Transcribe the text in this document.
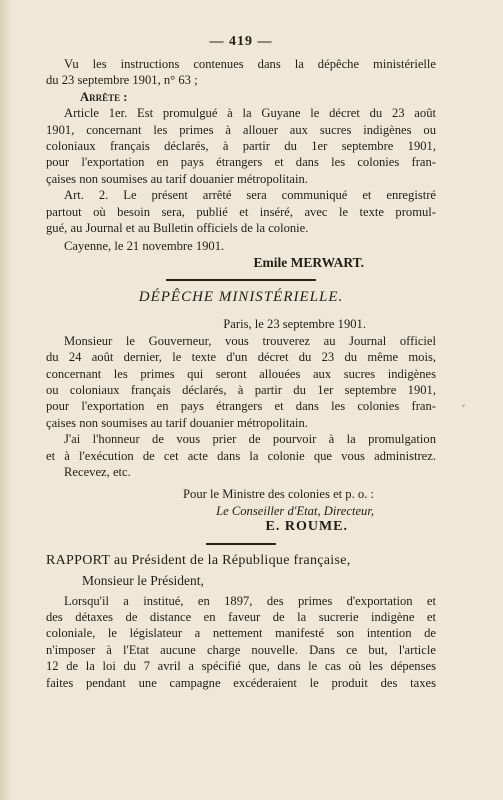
⸗
— 419 —
Vu les instructions contenues dans la dépêche ministérielle
du 23 septembre 1901, n° 63 ;
Arrête :
Article 1er. Est promulgué à la Guyane le décret du 23 août
1901, concernant les primes à allouer aux sucres indigènes ou
coloniaux français déclarés, à partir du 1er septembre 1901,
pour l'exportation en pays étrangers et dans les colonies fran-
çaises non soumises au tarif douanier métropolitain.
Art. 2. Le présent arrêté sera communiqué et enregistré
partout où besoin sera, publié et inséré, avec le texte promul-
gué, au Journal et au Bulletin officiels de la colonie.
Cayenne, le 21 novembre 1901.
Emile MERWART.
DÉPÊCHE MINISTÉRIELLE.
Paris, le 23 septembre 1901.
Monsieur le Gouverneur, vous trouverez au Journal officiel
du 24 août dernier, le texte d'un décret du 23 du même mois,
concernant les primes qui seront allouées aux sucres indigènes
ou coloniaux français déclarés, à partir du 1er septembre 1901,
pour l'exportation en pays étrangers et dans les colonies fran-
çaises non soumises au tarif douanier métropolitain.
J'ai l'honneur de vous prier de pourvoir à la promulgation
et à l'exécution de cet acte dans la colonie que vous administrez.
Recevez, etc.
Pour le Ministre des colonies et p. o. :
Le Conseiller d'Etat, Directeur,
E. ROUME.
RAPPORT au Président de la République française,
Monsieur le Président,
Lorsqu'il a institué, en 1897, des primes d'exportation et
des détaxes de distance en faveur de la sucrerie indigène et
coloniale, le législateur a nettement manifesté son intention de
n'imposer à l'Etat aucune charge nouvelle. Dans ce but, l'article
12 de la loi du 7 avril a spécifié que, dans le cas où les dépenses
faites pendant une campagne excéderaient le produit des taxes
